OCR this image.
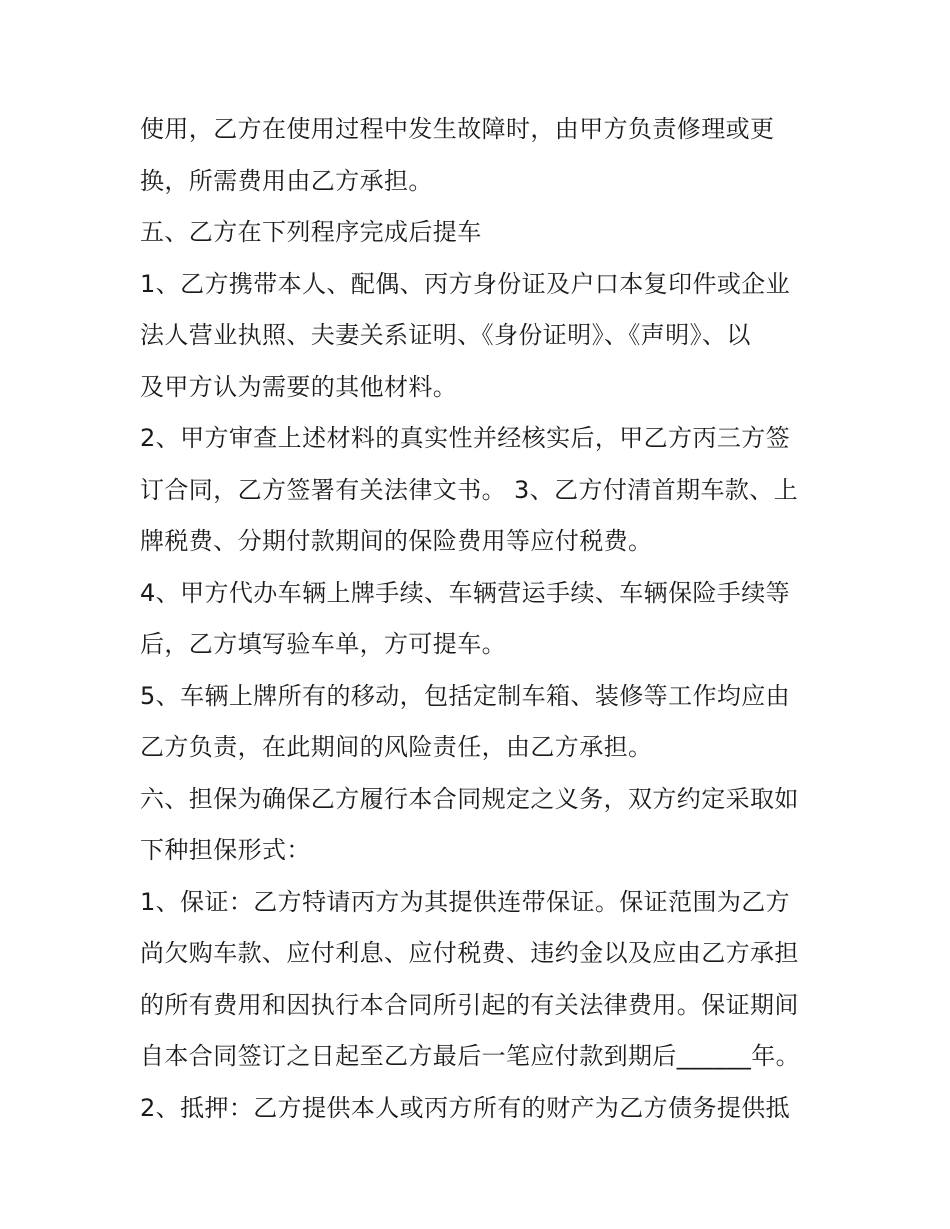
使用，乙方在使用过程中发生故障时，由甲方负责修理或更
换，所需费用由乙方承担。
五、乙方在下列程序完成后提车
1、乙方携带本人、配偶、丙方身份证及户口本复印件或企业
法人营业执照、夫妻关系证明、《身份证明》、《声明》、以
及甲方认为需要的其他材料。
2、甲方审查上述材料的真实性并经核实后，甲乙方丙三方签
订合同，乙方签署有关法律文书。 3、乙方付清首期车款、上
牌税费、分期付款期间的保险费用等应付税费。
4、甲方代办车辆上牌手续、车辆营运手续、车辆保险手续等
后，乙方填写验车单，方可提车。
5、车辆上牌所有的移动，包括定制车箱、装修等工作均应由
乙方负责，在此期间的风险责任，由乙方承担。
六、担保为确保乙方履行本合同规定之义务，双方约定采取如
下种担保形式：
1、保证：乙方特请丙方为其提供连带保证。保证范围为乙方
尚欠购车款、应付利息、应付税费、违约金以及应由乙方承担
的所有费用和因执行本合同所引起的有关法律费用。保证期间
自本合同签订之日起至乙方最后一笔应付款到期后______年。
2、抵押：乙方提供本人或丙方所有的财产为乙方债务提供抵
